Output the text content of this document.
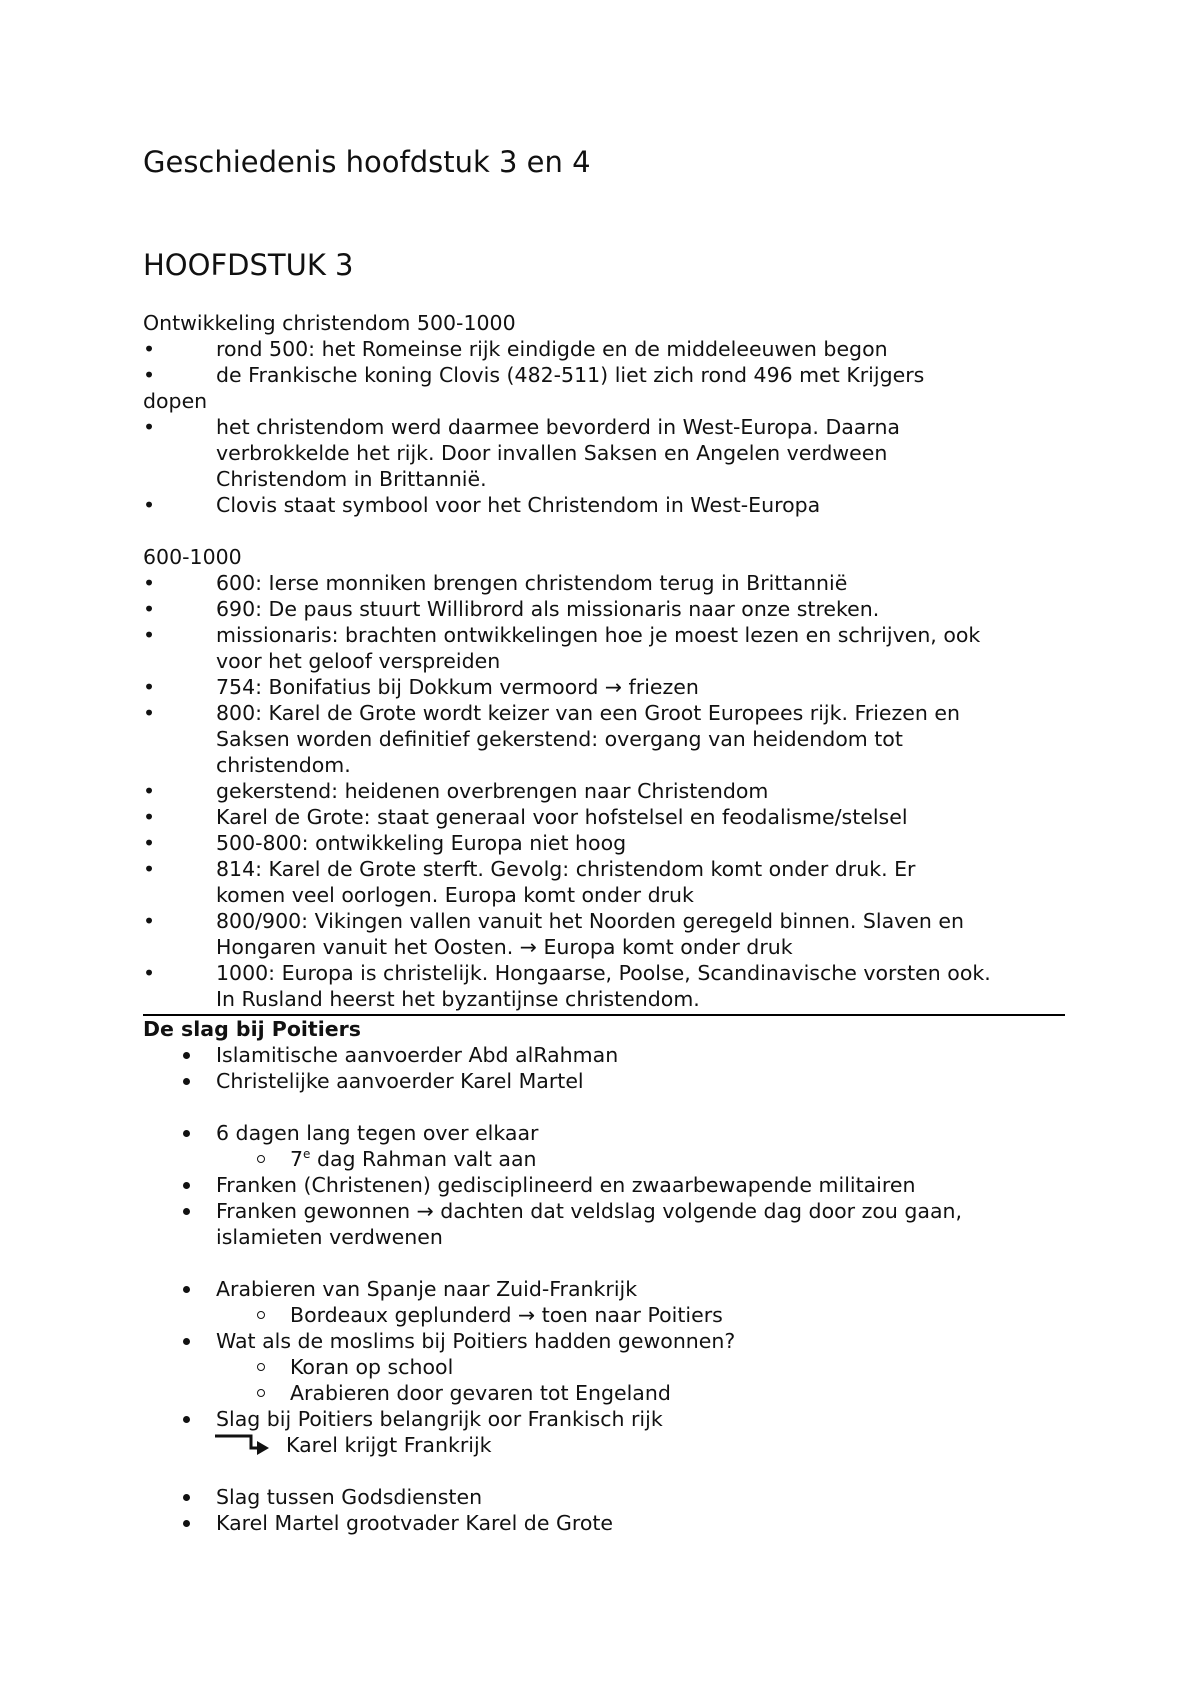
Geschiedenis hoofdstuk 3 en 4
HOOFDSTUK 3
Ontwikkeling christendom 500-1000
•	rond 500: het Romeinse rijk eindigde en de middeleeuwen begon
•	de Frankische koning Clovis (482-511) liet zich rond 496 met Krijgers
dopen
•	het christendom werd daarmee bevorderd in West-Europa. Daarna
verbrokkelde het rijk. Door invallen Saksen en Angelen verdween
Christendom in Brittannië.
•	Clovis staat symbool voor het Christendom in West-Europa
600-1000
•	600: Ierse monniken brengen christendom terug in Brittannië
•	690: De paus stuurt Willibrord als missionaris naar onze streken.
•	missionaris: brachten ontwikkelingen hoe je moest lezen en schrijven, ook
voor het geloof verspreiden
•	754: Bonifatius bij Dokkum vermoord → friezen
•	800: Karel de Grote wordt keizer van een Groot Europees rijk. Friezen en
Saksen worden definitief gekerstend: overgang van heidendom tot
christendom.
•	gekerstend: heidenen overbrengen naar Christendom
•	Karel de Grote: staat generaal voor hofstelsel en feodalisme/stelsel
•	500-800: ontwikkeling Europa niet hoog
•	814: Karel de Grote sterft. Gevolg: christendom komt onder druk. Er
komen veel oorlogen. Europa komt onder druk
•	800/900: Vikingen vallen vanuit het Noorden geregeld binnen. Slaven en
Hongaren vanuit het Oosten. → Europa komt onder druk
•	1000: Europa is christelijk. Hongaarse, Poolse, Scandinavische vorsten ook.
In Rusland heerst het byzantijnse christendom.
De slag bij Poitiers
Islamitische aanvoerder Abd alRahman
Christelijke aanvoerder Karel Martel
6 dagen lang tegen over elkaar
7e dag Rahman valt aan
Franken (Christenen) gedisciplineerd en zwaarbewapende militairen
Franken gewonnen → dachten dat veldslag volgende dag door zou gaan,
islamieten verdwenen
Arabieren van Spanje naar Zuid-Frankrijk
Bordeaux geplunderd → toen naar Poitiers
Wat als de moslims bij Poitiers hadden gewonnen?
Koran op school
Arabieren door gevaren tot Engeland
Slag bij Poitiers belangrijk oor Frankisch rijk
Karel krijgt Frankrijk
Slag tussen Godsdiensten
Karel Martel grootvader Karel de Grote
